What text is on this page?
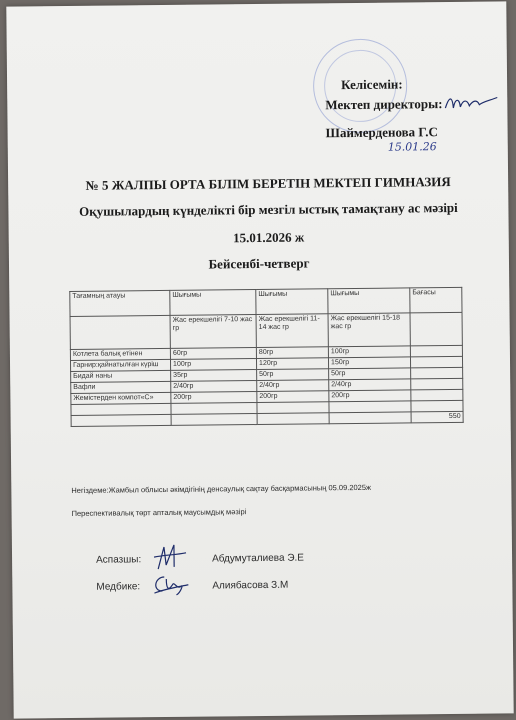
Келісемін:
Мектеп директоры:
Шаймерденова Г.С
15.01.26
№ 5 ЖАЛПЫ ОРТА БІЛІМ БЕРЕТІН МЕКТЕП ГИМНАЗИЯ
Оқушылардың күнделікті бір мезгіл ыстық тамақтану ас мәзірі
15.01.2026 ж
Бейсенбі-четверг
Тағамның атауы	Шығымы	Шығымы	Шығымы	Бағасы
	Жас ерекшелігі 7-10 жас гр	Жас ерекшелігі 11-14 жас гр	Жас ерекшелігі 15-18 жас гр	
Котлета балық етінен	60гр	80гр	100гр	
Гарнир:қайнатылған күріш	100гр	120гр	150гр	
Бидай наны	35гр	50гр	50гр	
Вафли	2/40гр	2/40гр	2/40гр	
Жемістерден компот«С»	200гр	200гр	200гр	

				550
Негіздеме:Жамбыл облысы әкімдігінің денсаулық сақтау басқармасының 05.09.2025ж
Переспективалық төрт апталық маусымдық мәзірі
Аспазшы:	Абдумуталиева Э.Е
Медбике:	Алиябасова З.М
